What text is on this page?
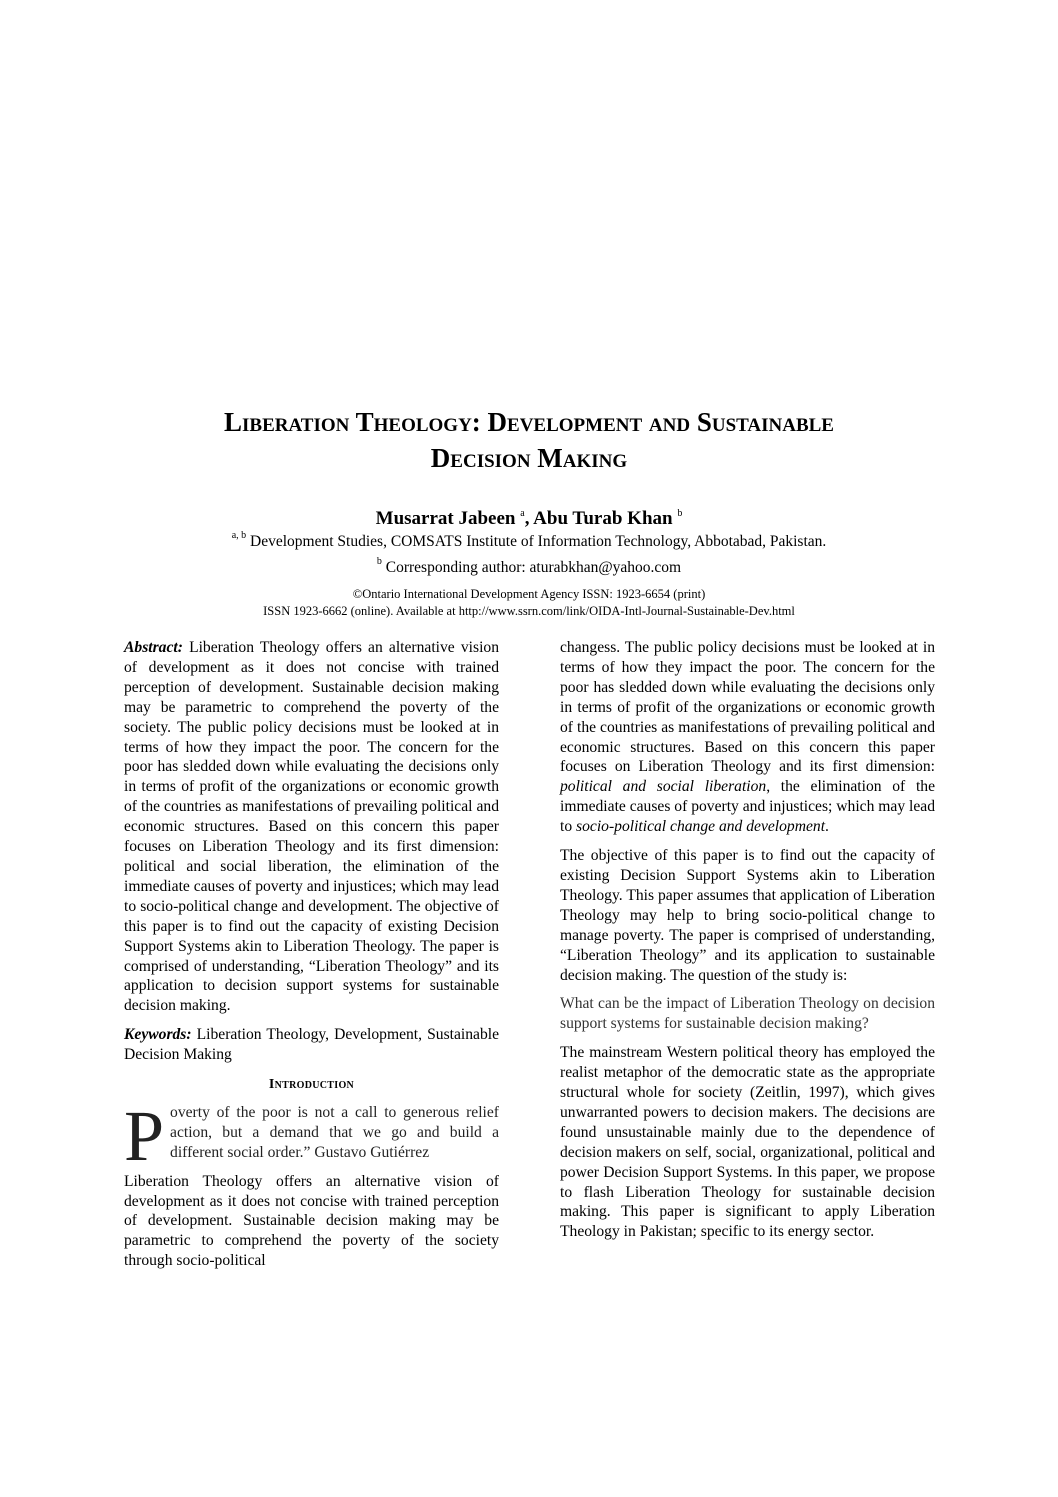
Liberation Theology: Development and Sustainable
Decision Making
Musarrat Jabeen $^a$, Abu Turab Khan $^b$
$^{a, b}$ Development Studies, COMSATS Institute of Information Technology, Abbotabad, Pakistan.
$^b$ Corresponding author: aturabkhan@yahoo.com
©Ontario International Development Agency ISSN: 1923-6654 (print)
ISSN 1923-6662 (online). Available at http://www.ssrn.com/link/OIDA-Intl-Journal-Sustainable-Dev.html

Abstract: Liberation Theology offers an alternative vision of development as it does not concise with trained perception of development. Sustainable decision making may be parametric to comprehend the poverty of the society. The public policy decisions must be looked at in terms of how they impact the poor. The concern for the poor has sledded down while evaluating the decisions only in terms of profit of the organizations or economic growth of the countries as manifestations of prevailing political and economic structures. Based on this concern this paper focuses on Liberation Theology and its first dimension: political and social liberation, the elimination of the immediate causes of poverty and injustices; which may lead to socio-political change and development. The objective of this paper is to find out the capacity of existing Decision Support Systems akin to Liberation Theology. The paper is comprised of understanding, “Liberation Theology” and its application to decision support systems for sustainable decision making.

Keywords: Liberation Theology, Development, Sustainable Decision Making

Introduction

Poverty of the poor is not a call to generous relief action, but a demand that we go and build a different social order.” Gustavo Gutiérrez

Liberation Theology offers an alternative vision of development as it does not concise with trained perception of development. Sustainable decision making may be parametric to comprehend the poverty of the society through socio-political

changess. The public policy decisions must be looked at in terms of how they impact the poor. The concern for the poor has sledded down while evaluating the decisions only in terms of profit of the organizations or economic growth of the countries as manifestations of prevailing political and economic structures. Based on this concern this paper focuses on Liberation Theology and its first dimension: political and social liberation, the elimination of the immediate causes of poverty and injustices; which may lead to socio-political change and development.

The objective of this paper is to find out the capacity of existing Decision Support Systems akin to Liberation Theology. This paper assumes that application of Liberation Theology may help to bring socio-political change to manage poverty. The paper is comprised of understanding, “Liberation Theology” and its application to sustainable decision making. The question of the study is:

What can be the impact of Liberation Theology on decision support systems for sustainable decision making?

The mainstream Western political theory has employed the realist metaphor of the democratic state as the appropriate structural whole for society (Zeitlin, 1997), which gives unwarranted powers to decision makers. The decisions are found unsustainable mainly due to the dependence of decision makers on self, social, organizational, political and power Decision Support Systems. In this paper, we propose to flash Liberation Theology for sustainable decision making. This paper is significant to apply Liberation Theology in Pakistan; specific to its energy sector.
